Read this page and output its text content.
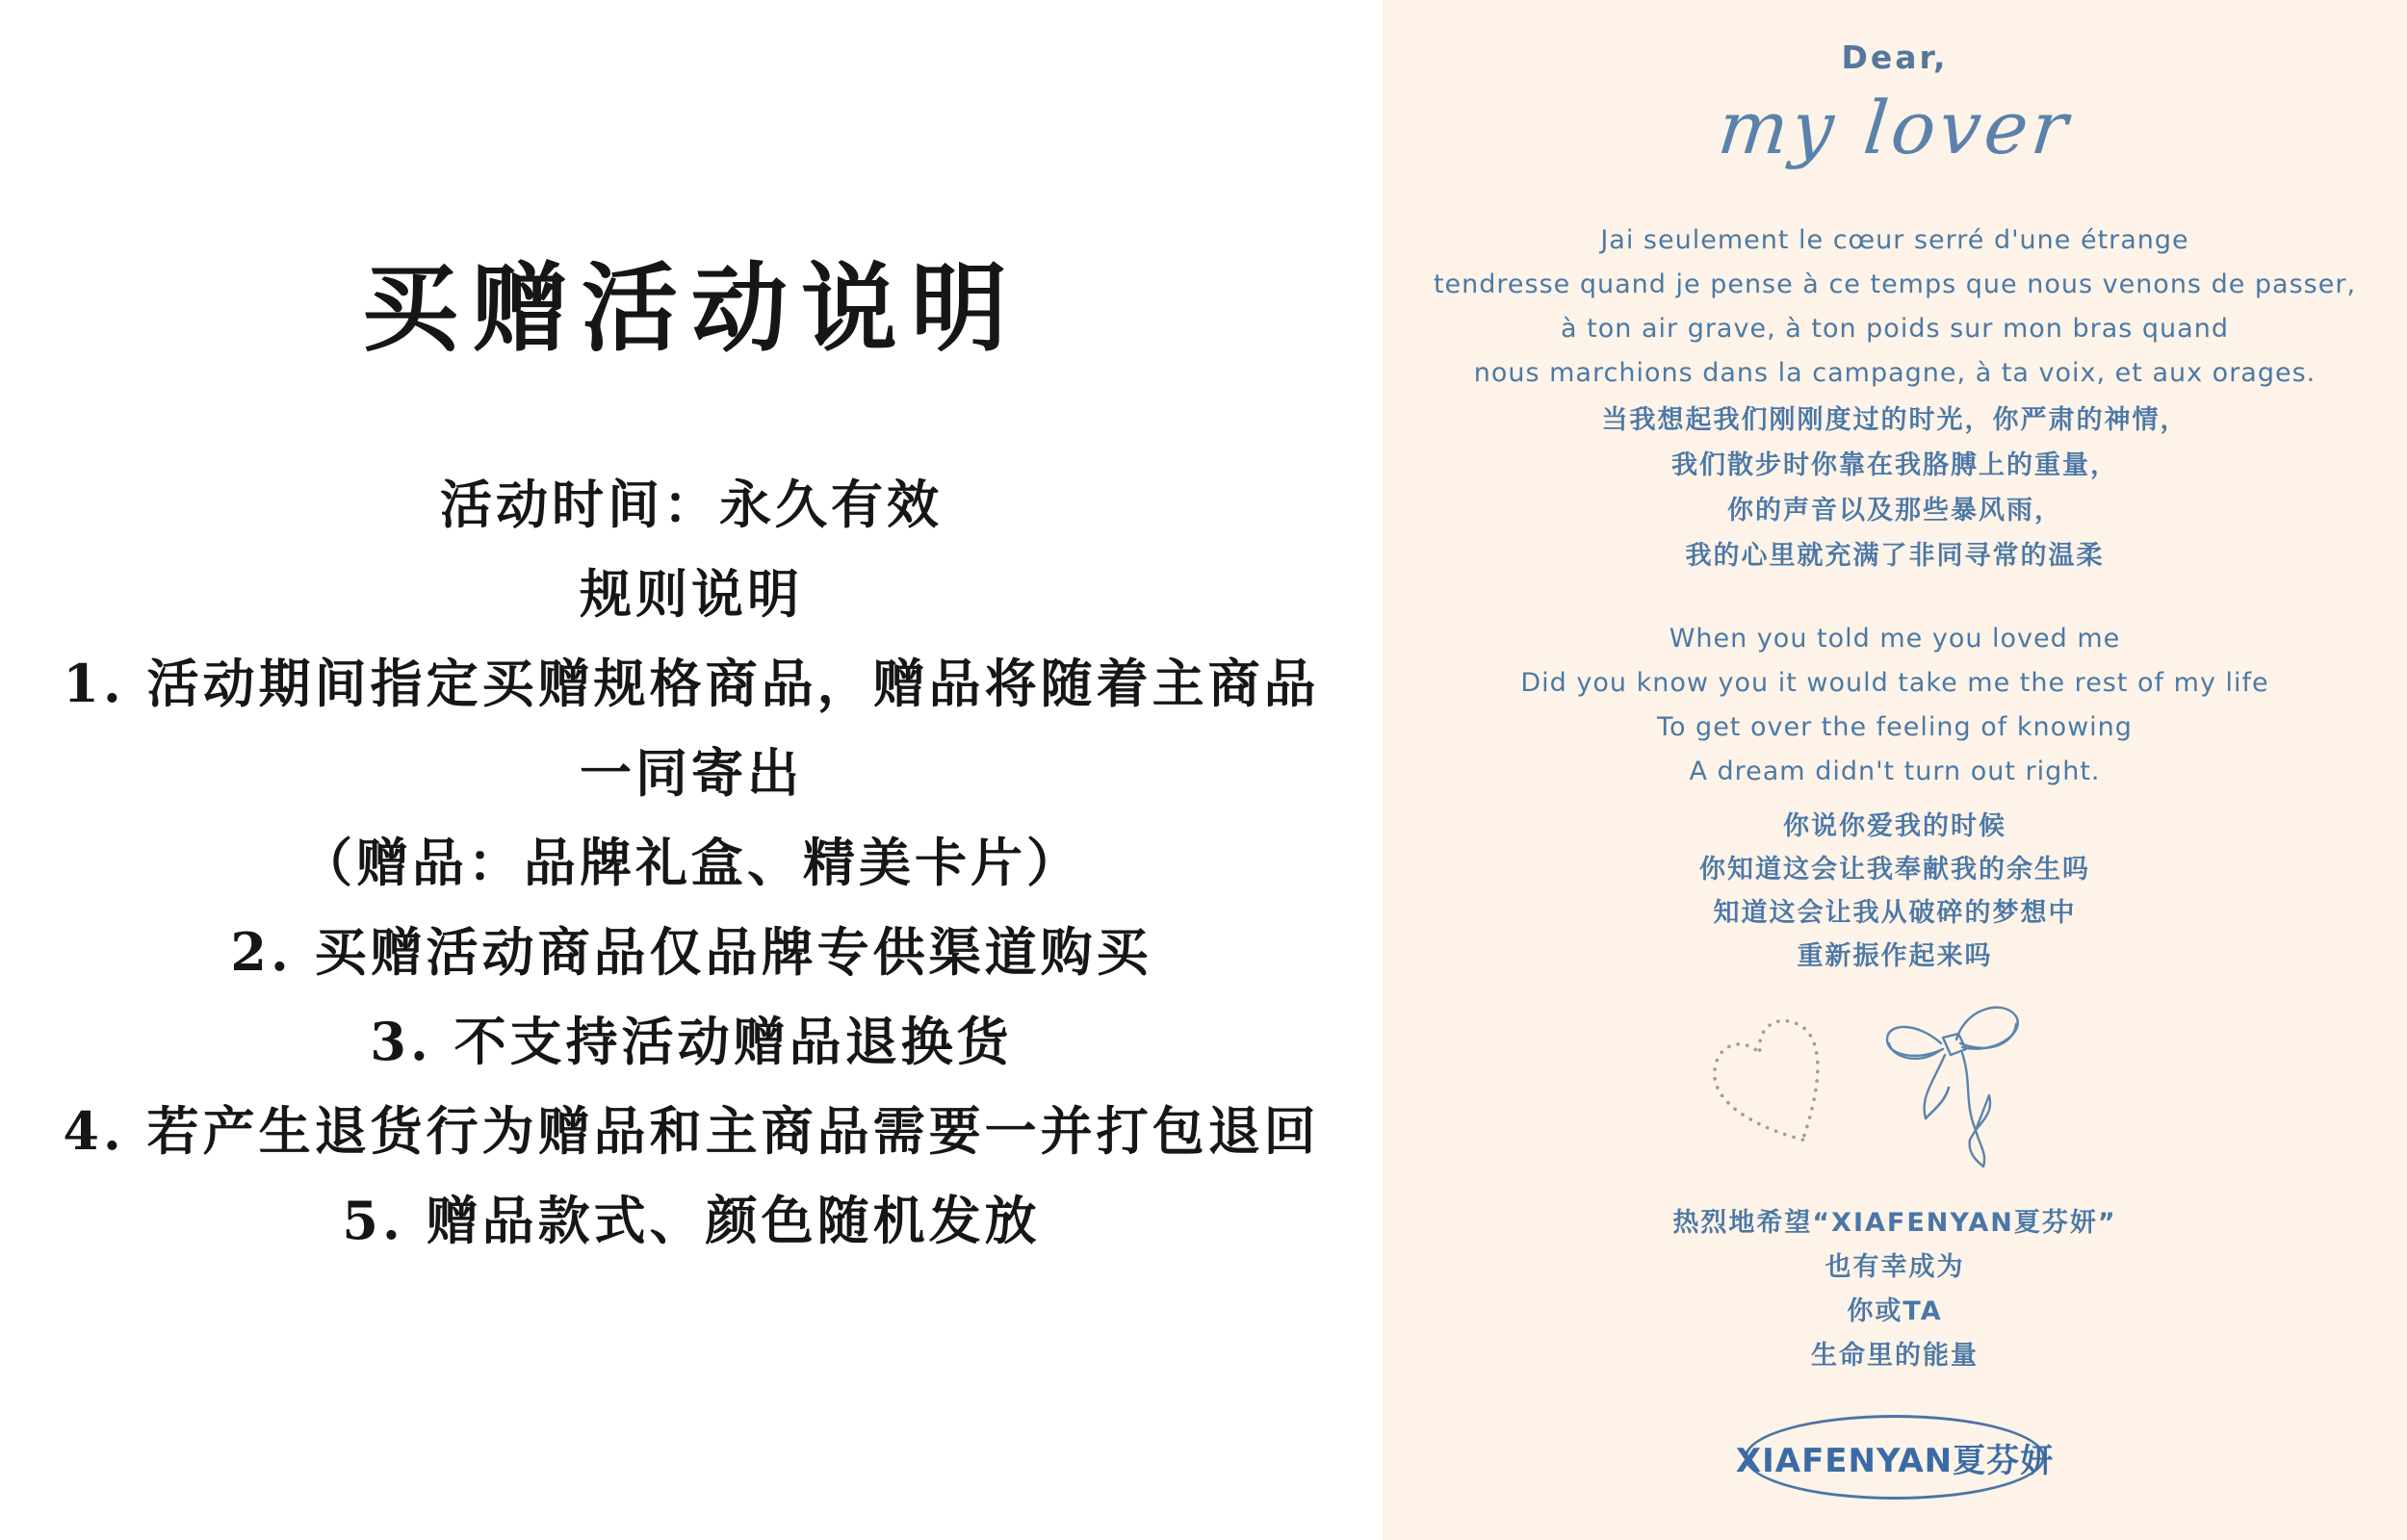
买赠活动说明
活动时间：永久有效
规则说明
1. 活动期间指定买赠规格商品，赠品将随着主商品
一同寄出
（赠品：品牌礼盒、精美卡片）
2. 买赠活动商品仅品牌专供渠道购买
3. 不支持活动赠品退换货
4. 若产生退货行为赠品和主商品需要一并打包退回
5. 赠品款式、颜色随机发放
Dear,
my lover
Jai seulement le cœur serré d'une étrange
tendresse quand je pense à ce temps que nous venons de passer,
à ton air grave, à ton poids sur mon bras quand
nous marchions dans la campagne, à ta voix, et aux orages.
当我想起我们刚刚度过的时光，你严肃的神情，
我们散步时你靠在我胳膊上的重量，
你的声音以及那些暴风雨，
我的心里就充满了非同寻常的温柔
When you told me you loved me
Did you know you it would take me the rest of my life
To get over the feeling of knowing
A dream didn't turn out right.
你说你爱我的时候
你知道这会让我奉献我的余生吗
知道这会让我从破碎的梦想中
重新振作起来吗
热烈地希望“XIAFENYAN夏芬妍”
也有幸成为
你或TA
生命里的能量
XIAFENYAN夏芬妍
